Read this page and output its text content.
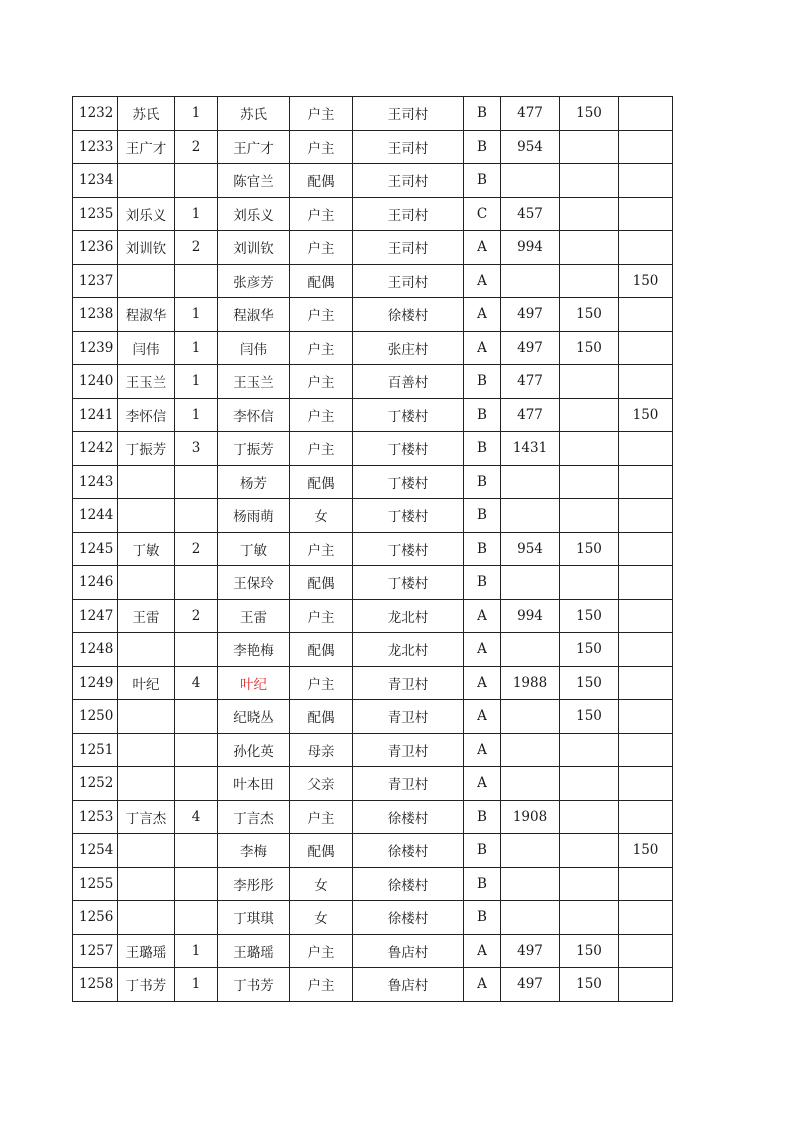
1232	苏氏	1	苏氏	户主	王司村	B	477	150	
1233	王广才	2	王广才	户主	王司村	B	954		
1234			陈官兰	配偶	王司村	B			
1235	刘乐义	1	刘乐义	户主	王司村	C	457		
1236	刘训钦	2	刘训钦	户主	王司村	A	994		
1237			张彦芳	配偶	王司村	A			150
1238	程淑华	1	程淑华	户主	徐楼村	A	497	150	
1239	闫伟	1	闫伟	户主	张庄村	A	497	150	
1240	王玉兰	1	王玉兰	户主	百善村	B	477		
1241	李怀信	1	李怀信	户主	丁楼村	B	477		150
1242	丁振芳	3	丁振芳	户主	丁楼村	B	1431		
1243			杨芳	配偶	丁楼村	B			
1244			杨雨萌	女	丁楼村	B			
1245	丁敏	2	丁敏	户主	丁楼村	B	954	150	
1246			王保玲	配偶	丁楼村	B			
1247	王雷	2	王雷	户主	龙北村	A	994	150	
1248			李艳梅	配偶	龙北村	A		150	
1249	叶纪	4	叶纪	户主	青卫村	A	1988	150	
1250			纪晓丛	配偶	青卫村	A		150	
1251			孙化英	母亲	青卫村	A			
1252			叶本田	父亲	青卫村	A			
1253	丁言杰	4	丁言杰	户主	徐楼村	B	1908		
1254			李梅	配偶	徐楼村	B			150
1255			李彤彤	女	徐楼村	B			
1256			丁琪琪	女	徐楼村	B			
1257	王璐瑶	1	王璐瑶	户主	鲁店村	A	497	150	
1258	丁书芳	1	丁书芳	户主	鲁店村	A	497	150	
